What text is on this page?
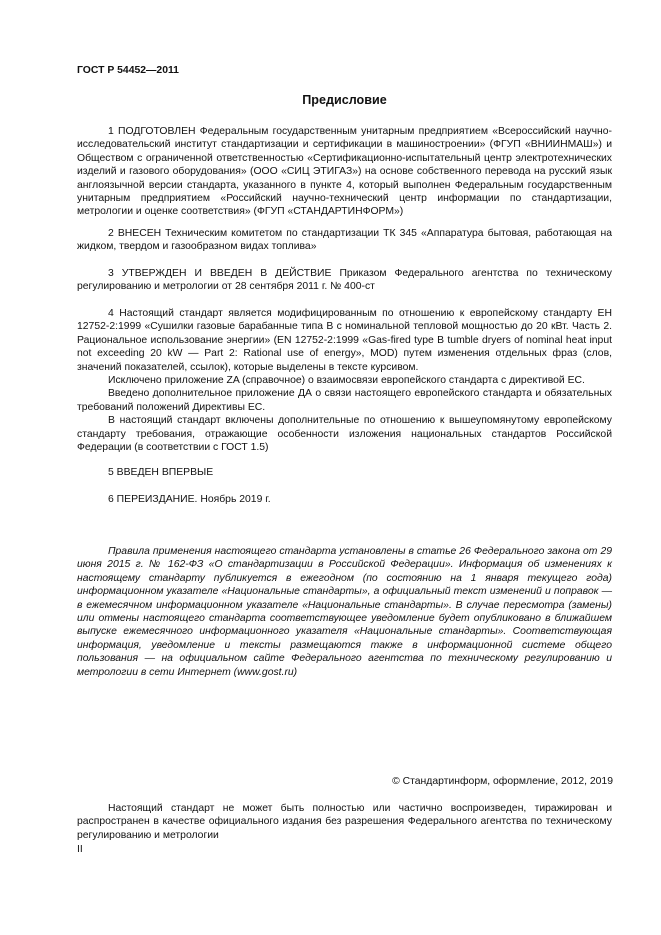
ГОСТ Р 54452—2011
Предисловие

1 ПОДГОТОВЛЕН Федеральным государственным унитарным предприятием «Всероссийский научно-исследовательский институт стандартизации и сертификации в машиностроении» (ФГУП «ВНИИНМАШ») и Обществом с ограниченной ответственностью «Сертификационно-испытательный центр электротехнических изделий и газового оборудования» (ООО «СИЦ ЭТИГАЗ») на основе собственного перевода на русский язык англоязычной версии стандарта, указанного в пункте 4, который выполнен Федеральным государственным унитарным предприятием «Российский научно-технический центр информации по стандартизации, метрологии и оценке соответствия» (ФГУП «СТАНДАРТИНФОРМ»)

2 ВНЕСЕН Техническим комитетом по стандартизации ТК 345 «Аппаратура бытовая, работающая на жидком, твердом и газообразном видах топлива»

3 УТВЕРЖДЕН И ВВЕДЕН В ДЕЙСТВИЕ Приказом Федерального агентства по техническому регулированию и метрологии от 28 сентября 2011 г. № 400-ст

4 Настоящий стандарт является модифицированным по отношению к европейскому стандарту ЕН 12752-2:1999 «Сушилки газовые барабанные типа В с номинальной тепловой мощностью до 20 кВт. Часть 2. Рациональное использование энергии» (EN 12752-2:1999 «Gas-fired type B tumble dryers of nominal heat input not exceeding 20 kW — Part 2: Rational use of energy», MOD) путем изменения отдельных фраз (слов, значений показателей, ссылок), которые выделены в тексте курсивом.

Исключено приложение ZA (справочное) о взаимосвязи европейского стандарта с директивой ЕС.

Введено дополнительное приложение ДА о связи настоящего европейского стандарта и обязательных требований положений Директивы ЕС.

В настоящий стандарт включены дополнительные по отношению к вышеупомянутому европейскому стандарту требования, отражающие особенности изложения национальных стандартов Российской Федерации (в соответствии с ГОСТ 1.5)

5 ВВЕДЕН ВПЕРВЫЕ

6 ПЕРЕИЗДАНИЕ. Ноябрь 2019 г.

Правила применения настоящего стандарта установлены в статье 26 Федерального закона от 29 июня 2015 г. № 162-ФЗ «О стандартизации в Российской Федерации». Информация об изменениях к настоящему стандарту публикуется в ежегодном (по состоянию на 1 января текущего года) информационном указателе «Национальные стандарты», а официальный текст изменений и поправок — в ежемесячном информационном указателе «Национальные стандарты». В случае пересмотра (замены) или отмены настоящего стандарта соответствующее уведомление будет опубликовано в ближайшем выпуске ежемесячного информационного указателя «Национальные стандарты». Соответствующая информация, уведомление и тексты размещаются также в информационной системе общего пользования — на официальном сайте Федерального агентства по техническому регулированию и метрологии в сети Интернет (www.gost.ru)

© Стандартинформ, оформление, 2012, 2019

Настоящий стандарт не может быть полностью или частично воспроизведен, тиражирован и распространен в качестве официального издания без разрешения Федерального агентства по техническому регулированию и метрологии

II
